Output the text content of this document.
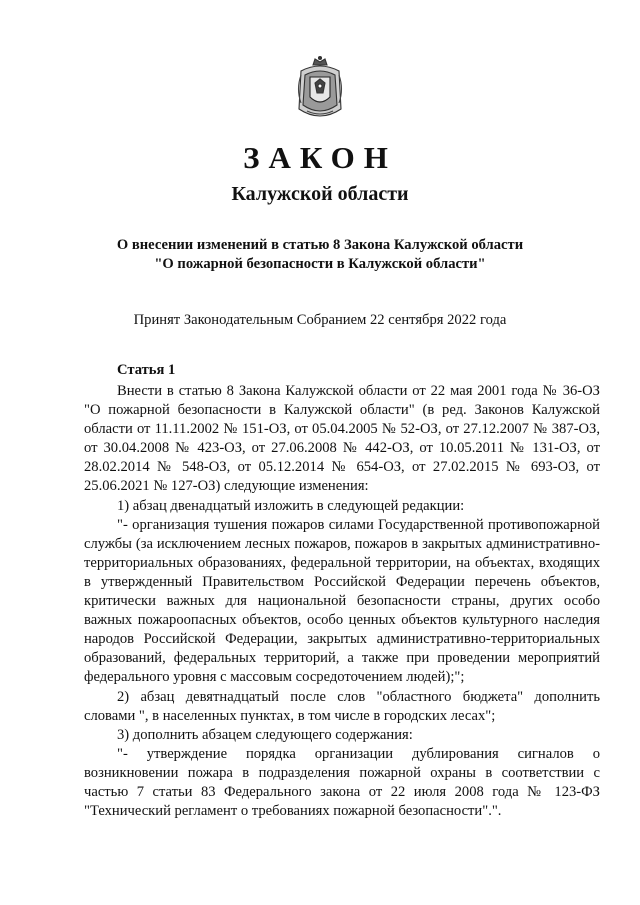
ЗАКОН
Калужской области
О внесении изменений в статью 8 Закона Калужской области
"О пожарной безопасности в Калужской области"
Принят Законодательным Собранием 22 сентября 2022 года
Статья 1

Внести в статью 8 Закона Калужской области от 22 мая 2001 года № 36-ОЗ "О пожарной безопасности в Калужской области" (в ред. Законов Калужской области от 11.11.2002 № 151-ОЗ, от 05.04.2005 № 52-ОЗ, от 27.12.2007 № 387-ОЗ, от 30.04.2008 № 423-ОЗ, от 27.06.2008 № 442-ОЗ, от 10.05.2011 № 131-ОЗ, от 28.02.2014 № 548-ОЗ, от 05.12.2014 № 654-ОЗ, от 27.02.2015 № 693-ОЗ, от 25.06.2021 № 127-ОЗ) следующие изменения:

1) абзац двенадцатый изложить в следующей редакции:

"- организация тушения пожаров силами Государственной противопожарной службы (за исключением лесных пожаров, пожаров в закрытых административно-территориальных образованиях, федеральной территории, на объектах, входящих в утвержденный Правительством Российской Федерации перечень объектов, критически важных для национальной безопасности страны, других особо важных пожароопасных объектов, особо ценных объектов культурного наследия народов Российской Федерации, закрытых административно-территориальных образований, федеральных территорий, а также при проведении мероприятий федерального уровня с массовым сосредоточением людей);";

2) абзац девятнадцатый после слов "областного бюджета" дополнить словами ", в населенных пунктах, в том числе в городских лесах";

3) дополнить абзацем следующего содержания:

"- утверждение порядка организации дублирования сигналов о возникновении пожара в подразделения пожарной охраны в соответствии с частью 7 статьи 83 Федерального закона от 22 июля 2008 года № 123-ФЗ "Технический регламент о требованиях пожарной безопасности".".
